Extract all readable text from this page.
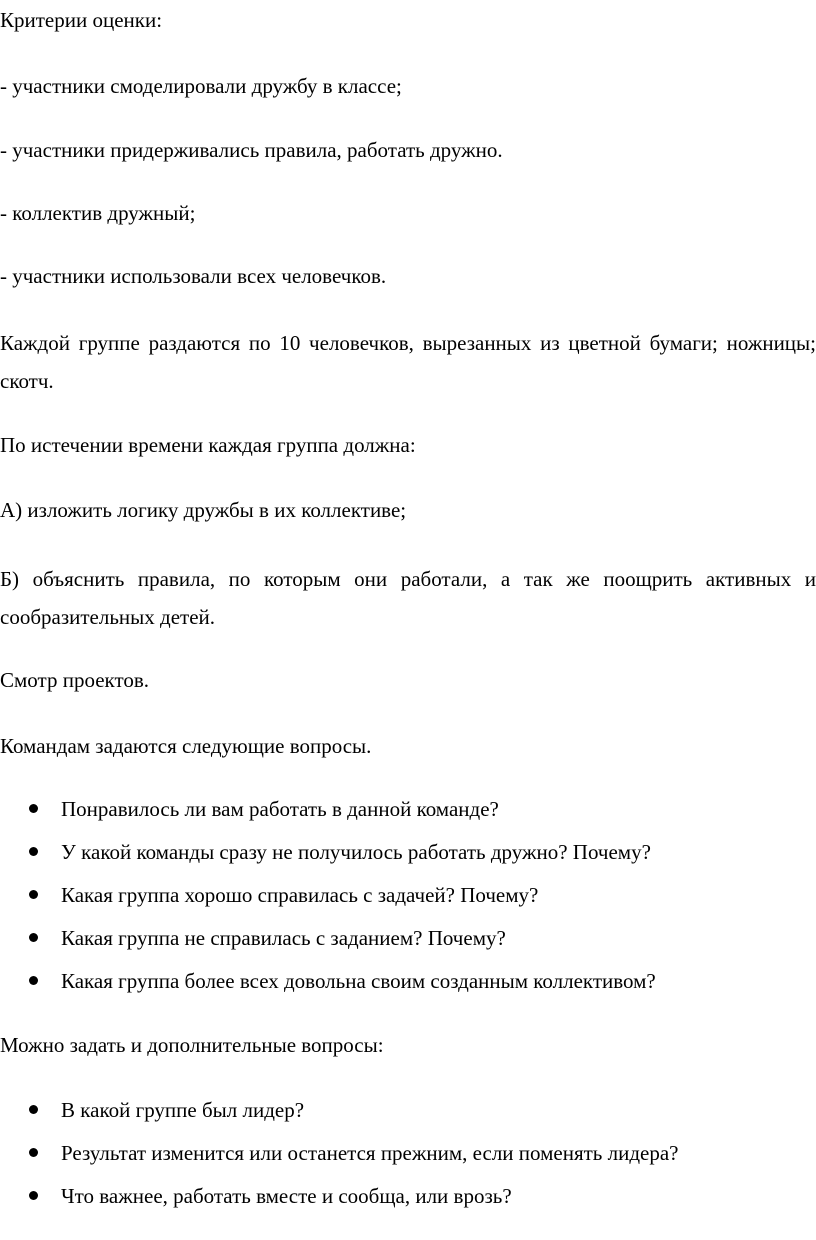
Критерии оценки:

- участники смоделировали дружбу в классе;

- участники придерживались правила, работать дружно.

- коллектив дружный;

- участники использовали всех человечков.

Каждой группе раздаются по 10 человечков, вырезанных из цветной бумаги; ножницы; скотч.

По истечении времени каждая группа должна:

А) изложить логику дружбы в их коллективе;

Б) объяснить правила, по которым они работали, а так же поощрить активных и сообразительных детей.

Смотр проектов.

Командам задаются следующие вопросы.

Понравилось ли вам работать в данной команде?
У какой команды сразу не получилось работать дружно? Почему?
Какая группа хорошо справилась с задачей? Почему?
Какая группа не справилась с заданием? Почему?
Какая группа более всех довольна своим созданным коллективом?

Можно задать и дополнительные вопросы:

В какой группе был лидер?
Результат изменится или останется прежним, если поменять лидера?
Что важнее, работать вместе и сообща, или врозь?
